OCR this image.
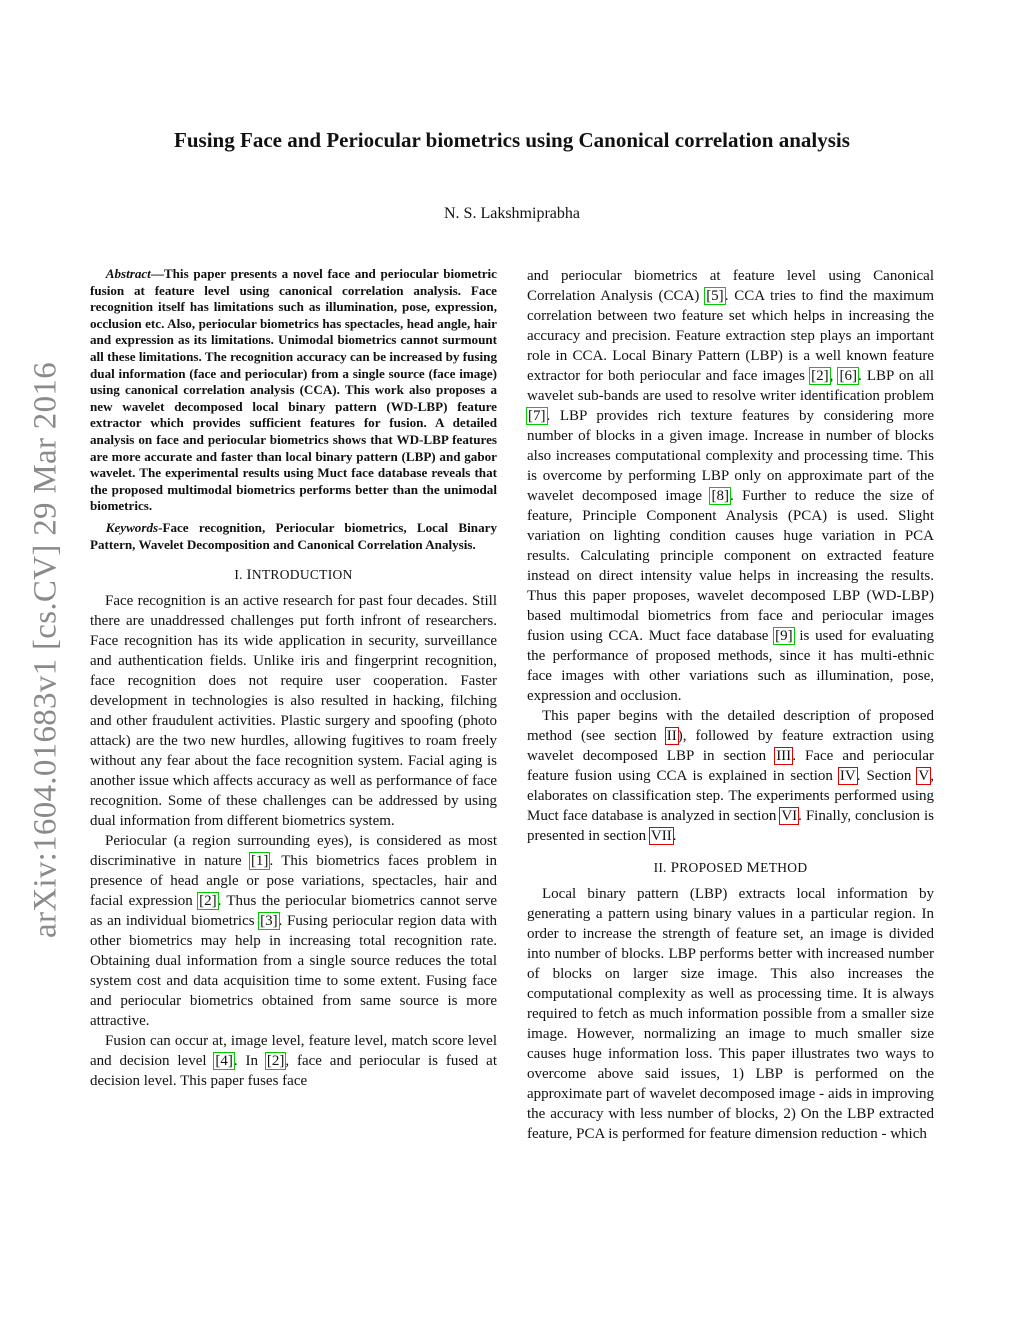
arXiv:1604.01683v1 [cs.CV] 29 Mar 2016
Fusing Face and Periocular biometrics using Canonical correlation analysis
N. S. Lakshmiprabha

Abstract—This paper presents a novel face and periocular biometric fusion at feature level using canonical correlation analysis. Face recognition itself has limitations such as illumination, pose, expression, occlusion etc. Also, periocular biometrics has spectacles, head angle, hair and expression as its limitations. Unimodal biometrics cannot surmount all these limitations. The recognition accuracy can be increased by fusing dual information (face and periocular) from a single source (face image) using canonical correlation analysis (CCA). This work also proposes a new wavelet decomposed local binary pattern (WD-LBP) feature extractor which provides sufficient features for fusion. A detailed analysis on face and periocular biometrics shows that WD-LBP features are more accurate and faster than local binary pattern (LBP) and gabor wavelet. The experimental results using Muct face database reveals that the proposed multimodal biometrics performs better than the unimodal biometrics.

Keywords-Face recognition, Periocular biometrics, Local Binary Pattern, Wavelet Decomposition and Canonical Correlation Analysis.

I. INTRODUCTION

Face recognition is an active research for past four decades. Still there are unaddressed challenges put forth infront of researchers. Face recognition has its wide application in security, surveillance and authentication fields. Unlike iris and fingerprint recognition, face recognition does not require user cooperation. Faster development in technologies is also resulted in hacking, filching and other fraudulent activities. Plastic surgery and spoofing (photo attack) are the two new hurdles, allowing fugitives to roam freely without any fear about the face recognition system. Facial aging is another issue which affects accuracy as well as performance of face recognition. Some of these challenges can be addressed by using dual information from different biometrics system.

Periocular (a region surrounding eyes), is considered as most discriminative in nature [1]. This biometrics faces problem in presence of head angle or pose variations, spectacles, hair and facial expression [2]. Thus the periocular biometrics cannot serve as an individual biometrics [3]. Fusing periocular region data with other biometrics may help in increasing total recognition rate. Obtaining dual information from a single source reduces the total system cost and data acquisition time to some extent. Fusing face and periocular biometrics obtained from same source is more attractive.

Fusion can occur at, image level, feature level, match score level and decision level [4]. In [2], face and periocular is fused at decision level. This paper fuses face

and periocular biometrics at feature level using Canonical Correlation Analysis (CCA) [5]. CCA tries to find the maximum correlation between two feature set which helps in increasing the accuracy and precision. Feature extraction step plays an important role in CCA. Local Binary Pattern (LBP) is a well known feature extractor for both periocular and face images [2], [6]. LBP on all wavelet sub-bands are used to resolve writer identification problem [7]. LBP provides rich texture features by considering more number of blocks in a given image. Increase in number of blocks also increases computational complexity and processing time. This is overcome by performing LBP only on approximate part of the wavelet decomposed image [8]. Further to reduce the size of feature, Principle Component Analysis (PCA) is used. Slight variation on lighting condition causes huge variation in PCA results. Calculating principle component on extracted feature instead on direct intensity value helps in increasing the results. Thus this paper proposes, wavelet decomposed LBP (WD-LBP) based multimodal biometrics from face and periocular images fusion using CCA. Muct face database [9] is used for evaluating the performance of proposed methods, since it has multi-ethnic face images with other variations such as illumination, pose, expression and occlusion.

This paper begins with the detailed description of proposed method (see section II), followed by feature extraction using wavelet decomposed LBP in section III. Face and periocular feature fusion using CCA is explained in section IV. Section V, elaborates on classification step. The experiments performed using Muct face database is analyzed in section VI. Finally, conclusion is presented in section VII.

II. PROPOSED METHOD

Local binary pattern (LBP) extracts local information by generating a pattern using binary values in a particular region. In order to increase the strength of feature set, an image is divided into number of blocks. LBP performs better with increased number of blocks on larger size image. This also increases the computational complexity as well as processing time. It is always required to fetch as much information possible from a smaller size image. However, normalizing an image to much smaller size causes huge information loss. This paper illustrates two ways to overcome above said issues, 1) LBP is performed on the approximate part of wavelet decomposed image - aids in improving the accuracy with less number of blocks, 2) On the LBP extracted feature, PCA is performed for feature dimension reduction - which
